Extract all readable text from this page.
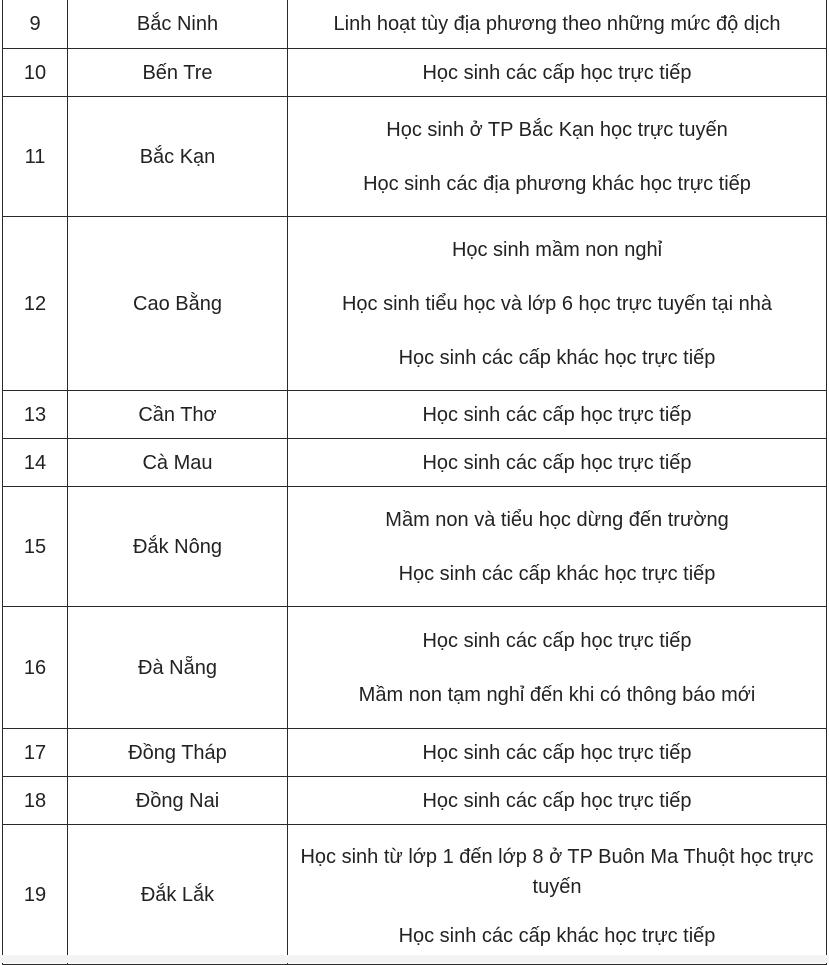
9	Bắc Ninh	Linh hoạt tùy địa phương theo những mức độ dịch

10	Bến Tre	Học sinh các cấp học trực tiếp

11	Bắc Kạn	Học sinh ở TP Bắc Kạn học trực tuyến

Học sinh các địa phương khác học trực tiếp

12	Cao Bằng	Học sinh mầm non nghỉ

Học sinh tiểu học và lớp 6 học trực tuyến tại nhà

Học sinh các cấp khác học trực tiếp

13	Cần Thơ	Học sinh các cấp học trực tiếp

14	Cà Mau	Học sinh các cấp học trực tiếp

15	Đắk Nông	Mầm non và tiểu học dừng đến trường

Học sinh các cấp khác học trực tiếp

16	Đà Nẵng	Học sinh các cấp học trực tiếp

Mầm non tạm nghỉ đến khi có thông báo mới

17	Đồng Tháp	Học sinh các cấp học trực tiếp

18	Đồng Nai	Học sinh các cấp học trực tiếp

19	Đắk Lắk	Học sinh từ lớp 1 đến lớp 8 ở TP Buôn Ma Thuột học trực tuyến

Học sinh các cấp khác học trực tiếp
